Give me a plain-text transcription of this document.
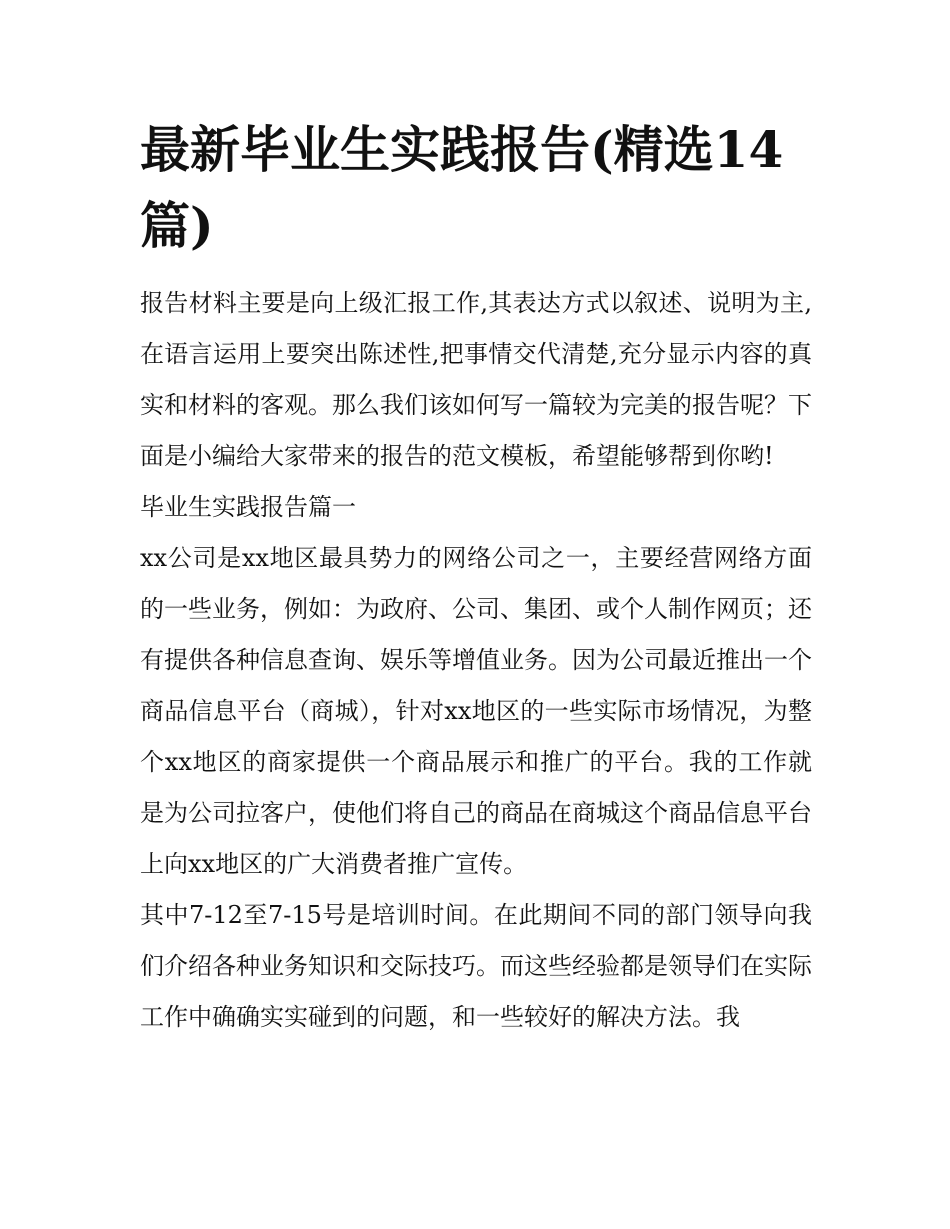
最新毕业生实践报告(精选14篇)

报告材料主要是向上级汇报工作,其表达方式以叙述、说明为主,在语言运用上要突出陈述性,把事情交代清楚,充分显示内容的真实和材料的客观。那么我们该如何写一篇较为完美的报告呢？下面是小编给大家带来的报告的范文模板，希望能够帮到你哟!

毕业生实践报告篇一

xx公司是xx地区最具势力的网络公司之一，主要经营网络方面的一些业务，例如：为政府、公司、集团、或个人制作网页；还有提供各种信息查询、娱乐等增值业务。因为公司最近推出一个商品信息平台（商城），针对xx地区的一些实际市场情况，为整个xx地区的商家提供一个商品展示和推广的平台。我的工作就是为公司拉客户，使他们将自己的商品在商城这个商品信息平台上向xx地区的广大消费者推广宣传。

其中7-12至7-15号是培训时间。在此期间不同的部门领导向我们介绍各种业务知识和交际技巧。而这些经验都是领导们在实际工作中确确实实碰到的问题，和一些较好的解决方法。我
